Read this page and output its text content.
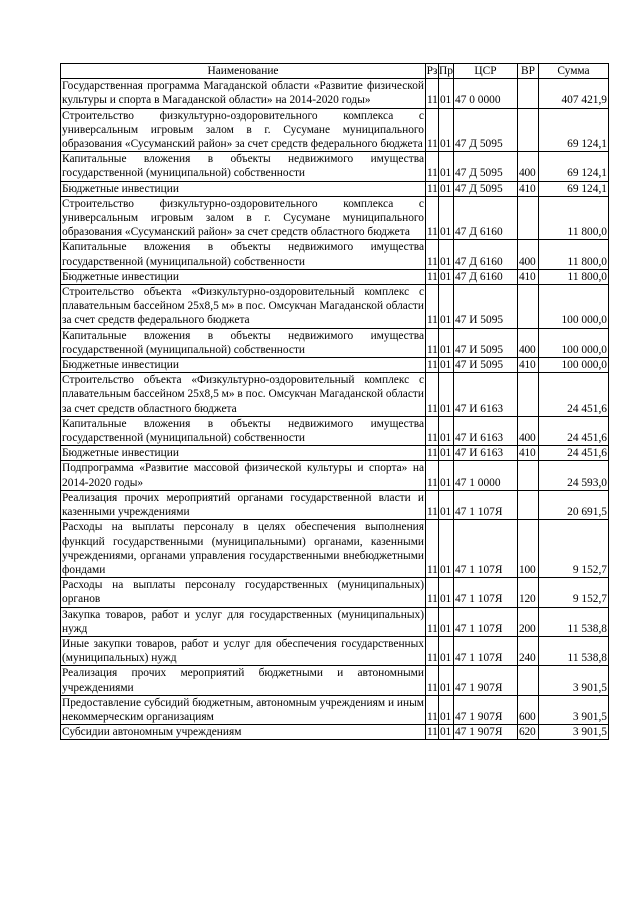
Наименование	Рз	Пр	ЦСР	ВР	Сумма
Государственная программа Магаданской области «Развитие физической культуры и спорта в Магаданской области» на 2014-2020 годы»	11	01	47 0 0000		407 421,9
Строительство физкультурно-оздоровительного комплекса с универсальным игровым залом в г. Сусумане муниципального образования «Сусуманский район» за счет средств федерального бюджета	11	01	47 Д 5095		69 124,1
Капитальные вложения в объекты недвижимого имущества государственной (муниципальной) собственности	11	01	47 Д 5095	400	69 124,1
Бюджетные инвестиции	11	01	47 Д 5095	410	69 124,1
Строительство физкультурно-оздоровительного комплекса с универсальным игровым залом в г. Сусумане муниципального образования «Сусуманский район» за счет средств областного бюджета	11	01	47 Д 6160		11 800,0
Капитальные вложения в объекты недвижимого имущества государственной (муниципальной) собственности	11	01	47 Д 6160	400	11 800,0
Бюджетные инвестиции	11	01	47 Д 6160	410	11 800,0
Строительство объекта «Физкультурно-оздоровительный комплекс с плавательным бассейном 25х8,5 м» в пос. Омсукчан Магаданской области за счет средств федерального бюджета	11	01	47 И 5095		100 000,0
Капитальные вложения в объекты недвижимого имущества государственной (муниципальной) собственности	11	01	47 И 5095	400	100 000,0
Бюджетные инвестиции	11	01	47 И 5095	410	100 000,0
Строительство объекта «Физкультурно-оздоровительный комплекс с плавательным бассейном 25х8,5 м» в пос. Омсукчан Магаданской области за счет средств областного бюджета	11	01	47 И 6163		24 451,6
Капитальные вложения в объекты недвижимого имущества государственной (муниципальной) собственности	11	01	47 И 6163	400	24 451,6
Бюджетные инвестиции	11	01	47 И 6163	410	24 451,6
Подпрограмма «Развитие массовой физической культуры и спорта» на 2014-2020 годы»	11	01	47 1 0000		24 593,0
Реализация прочих мероприятий органами государственной власти и казенными учреждениями	11	01	47 1 107Я		20 691,5
Расходы на выплаты персоналу в целях обеспечения выполнения функций государственными (муниципальными) органами, казенными учреждениями, органами управления государственными внебюджетными фондами	11	01	47 1 107Я	100	9 152,7
Расходы на выплаты персоналу государственных (муниципальных) органов	11	01	47 1 107Я	120	9 152,7
Закупка товаров, работ и услуг для государственных (муниципальных) нужд	11	01	47 1 107Я	200	11 538,8
Иные закупки товаров, работ и услуг для обеспечения государственных (муниципальных) нужд	11	01	47 1 107Я	240	11 538,8
Реализация прочих мероприятий бюджетными и автономными учреждениями	11	01	47 1 907Я		3 901,5
Предоставление субсидий бюджетным, автономным учреждениям и иным некоммерческим организациям	11	01	47 1 907Я	600	3 901,5
Субсидии автономным учреждениям	11	01	47 1 907Я	620	3 901,5
